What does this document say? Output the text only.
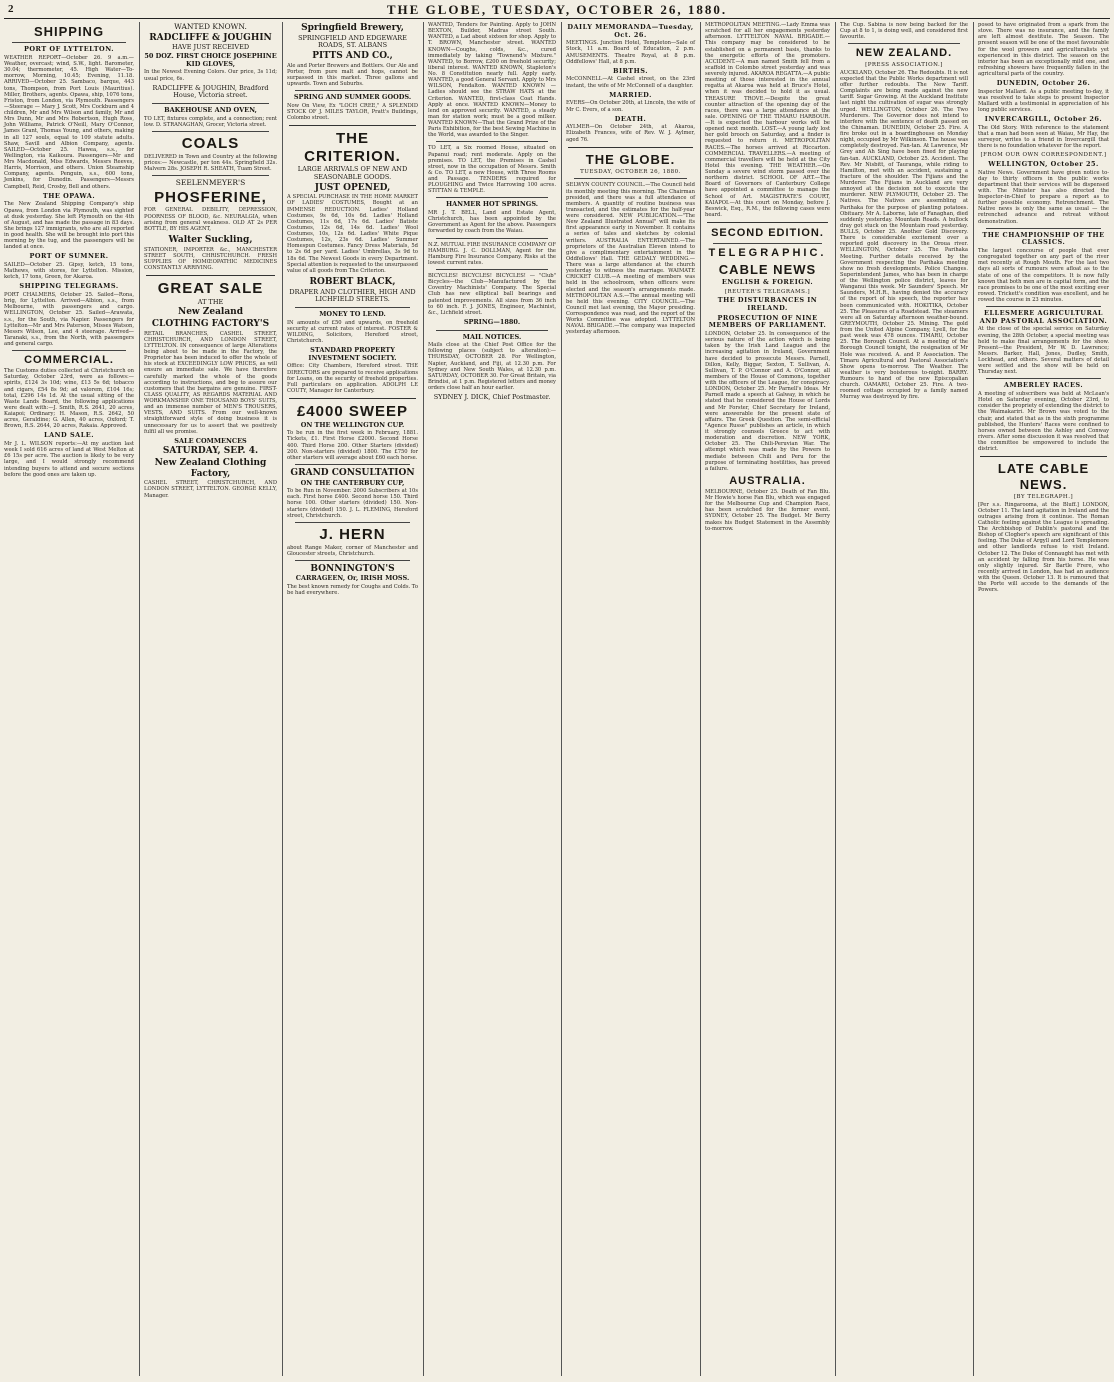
2	THE GLOBE, TUESDAY, OCTOBER 26, 1880.
SHIPPING
PORT OF LYTTELTON.
WEATHER REPORT—October 26. 9 a.m.—Weather, overcast; wind, S.W., light. Barometer, 30.04; thermometer, 45. High Water—To-morrow, Morning, 10.45; Evening, 11.18. ARRIVED—October 25. Sambaco, barque, 443 tons, Thompson, from Port Louis (Mauritius). Miller, Brothers, agents. Opawa, ship, 1076 tons, Friston, from London, via Plymouth. Passengers—Steerage — Mary J. Scott, Mrs Cockburn and 4 children, Mr and Mrs Wilson and family, Mr and Mrs Dunn, Mr and Mrs Robertson, Hugh Ross, John Williams, Patrick O'Neill, Mary O'Connor, James Grant, Thomas Young, and others, making in all 127 souls, equal to 109 statute adults. Shaw, Savill and Albion Company, agents. SAILED—October 25. Hawea, s.s., for Wellington, via Kaikoura. Passengers—Mr and Mrs Macdonald, Miss Edwards, Messrs Reeves, Harris, Morrison, and others. Union Steamship Company, agents. Penguin, s.s., 600 tons, Jenkins, for Dunedin. Passengers—Messrs Campbell, Reid, Crosby, Bell and others.
THE OPAWA.
The New Zealand Shipping Company's ship Opawa, from London via Plymouth, was sighted at dusk yesterday. She left Plymouth on the 4th of August, and has made the passage in 83 days. She brings 127 immigrants, who are all reported in good health. She will be brought into port this morning by the tug, and the passengers will be landed at once.
PORT OF SUMNER.
SAILED—October 25. Gipsy, ketch, 15 tons, Mathews, with stores, for Lyttelton. Mission, ketch, 17 tons, Green, for Akaroa.
SHIPPING TELEGRAMS.
PORT CHALMERS, October 25. Sailed—Rona, brig, for Lyttelton. Arrived—Albion, s.s., from Melbourne, with passengers and cargo. WELLINGTON, October 25. Sailed—Arawata, s.s., for the South, via Napier. Passengers for Lyttelton—Mr and Mrs Paterson, Misses Watson, Messrs Wilson, Lee, and 4 steerage. Arrived—Taranaki, s.s., from the North, with passengers and general cargo.
COMMERCIAL.
The Customs duties collected at Christchurch on Saturday, October 23rd, were as follows:— spirits, £124 3s 10d; wine, £13 5s 6d; tobacco and cigars, £54 8s 9d; ad valorem, £104 16s; total, £296 14s 1d. At the usual sitting of the Waste Lands Board, the following applications were dealt with:—J. Smith, R.S. 2641, 20 acres, Kaiapoi; Ordinary; H. Mason, R.S. 2642, 50 acres, Geraldine; G. Allen, 40 acres, Oxford; T. Brown, R.S. 2644, 20 acres, Rakaia. Approved.
LAND SALE.
Mr J. L. WILSON reports:—At my auction last week I sold 616 acres of land at West Melton at £6 15s per acre. The auction is likely to be very large, and I would strongly recommend intending buyers to attend and secure sections before the good ones are taken up.
WANTED KNOWN.
RADCLIFFE & JOUGHIN
HAVE JUST RECEIVED
50 DOZ. FIRST CHOICE JOSEPHINE KID GLOVES,
In the Newest Evening Colors. Our price, 3s 11d; usual price, 6s.
RADCLIFFE & JOUGHIN, Bradford House, Victoria street.
BAKEHOUSE AND OVEN,
TO LET, fixtures complete, and a connection; rent low. D. STRANAGHAN, Grocer, Victoria street.
COALS
DELIVERED in Town and Country at the following prices:— Newcastle, per ton 44s. Springfield 32s. Malvern 28s. JOSEPH R. SHEATH, Tuam Street.
SEELENMEYER'S
PHOSFERINE,
FOR GENERAL DEBILITY, DEPRESSION, POORNESS OF BLOOD, &c. NEURALGIA, when arising from general weakness. OLD AT 2s PER BOTTLE, BY HIS AGENT,
Walter Suckling,
STATIONER, IMPORTER &c., MANCHESTER STREET SOUTH, CHRISTCHURCH. FRESH SUPPLIES OF HOMŒOPATHIC MEDICINES CONSTANTLY ARRIVING.
GREAT SALE
AT THE
New Zealand
CLOTHING FACTORY'S
RETAIL BRANCHES, CASHEL STREET, CHRISTCHURCH, AND LONDON STREET, LYTTELTON. IN consequence of large Alterations being about to be made in the Factory, the Proprietor has been induced to offer the whole of his stock at EXCEEDINGLY LOW PRICES, as will ensure an immediate sale. We have therefore carefully marked the whole of the goods according to instructions, and beg to assure our customers that the bargains are genuine. FIRST-CLASS QUALITY, AS REGARDS MATERIAL AND WORKMANSHIP. ONE THOUSAND BOYS' SUITS, and an immense number of MEN'S TROUSERS, VESTS, AND SUITS. From our well-known straightforward style of doing business it is unnecessary for us to assert that we positively fulfil all we promise.
SALE COMMENCES
SATURDAY, SEP. 4.
New Zealand Clothing Factory,
CASHEL STREET, CHRISTCHURCH, AND LONDON STREET, LYTTELTON. GEORGE KELLY, Manager.
Springfield Brewery,
SPRINGFIELD AND EDGEWARE ROADS, ST. ALBANS
PITTS AND CO.,
Ale and Porter Brewers and Bottlers. Our Ale and Porter, from pure malt and hops, cannot be surpassed in this market. Three gallons and upwards. Town and Suburbs.
SPRING AND SUMMER GOODS.
Now On View, Ex "LOCH CREE," A SPLENDID STOCK OF J. MILES TAYLOR, Pratt's Buildings, Colombo street.
THE CRITERION.
LARGE ARRIVALS OF NEW AND SEASONABLE GOODS.
JUST OPENED,
A SPECIAL PURCHASE IN THE HOME MARKET OF LADIES' COSTUMES, Bought at an IMMENSE REDUCTION. Ladies' Holland Costumes, 9s 6d, 10s 6d. Ladies' Holland Costumes, 11s 6d, 17s 6d. Ladies' Batiste Costumes, 12s 6d, 14s 6d. Ladies' Wool Costumes, 10s, 12s 6d. Ladies' White Pique Costumes, 12s, 23s 6d. Ladies' Summer Homespun Costumes. Fancy Dress Materials, 5d to 2s 6d per yard. Ladies' Umbrellas, 3s 9d to 18s 6d. The Newest Goods in every Department. Special attention is requested to the unsurpassed value of all goods from The Criterion.
ROBERT BLACK,
DRAPER AND CLOTHIER, HIGH AND LICHFIELD STREETS.
MONEY TO LEND.
IN amounts of £50 and upwards, on freehold security at current rates of interest. FOSTER & WILDING, Solicitors, Hereford street, Christchurch.
STANDARD PROPERTY INVESTMENT SOCIETY.
Office: City Chambers, Hereford street. THE DIRECTORS are prepared to receive applications for Loans, on the security of freehold properties. Full particulars on application. ADOLPH LE COUTY, Manager for Canterbury.
£4000 SWEEP
ON THE WELLINGTON CUP.
To be run in the first week in February, 1881. Tickets, £1. First Horse £2000. Second Horse 400. Third Horse 200. Other Starters (divided) 200. Non-starters (divided) 1800. The £750 for other starters will average about £60 each horse.
GRAND CONSULTATION
ON THE CANTERBURY CUP,
To be Run in November. 2000 Subscribers at 10s each. First horse £400. Second horse 150. Third horse 100. Other starters (divided) 150. Non-starters (divided) 150. J. L. FLEMING, Hereford street, Christchurch.
J. HERN
about Range Maker, corner of Manchester and Gloucester streets, Christchurch.
BONNINGTON'S
CARRAGEEN, Or, IRISH MOSS.
The best known remedy for Coughs and Colds. To be had everywhere.
WANTED, Tenders for Painting. Apply to JOHN BEXTON, Builder, Madras street South. WANTED, a Lad about sixteen for shop. Apply to T. BROWN, Manchester street. WANTED KNOWN—Coughs, colds, &c., cured immediately by taking "Townend's Mixture." WANTED, to Borrow, £200 on freehold security; liberal interest. WANTED KNOWN, Stapleton's No. 8 Constitution nearly full. Apply early. WANTED, a good General Servant. Apply to Mrs WILSON, Fendalton. WANTED KNOWN — Ladies should see the STRAW HATS at the Criterion. WANTED, first-class Coat Hands. Apply at once. WANTED KNOWN—Money to lend on approved security. WANTED, a steady man for station work; must be a good milker. WANTED KNOWN—That the Grand Prize of the Paris Exhibition, for the best Sewing Machine in the World, was awarded to the Singer.
TO LET, a Six roomed House, situated on Papanui road; rent moderate. Apply on the premises. TO LET, the Premises in Cashel street, now in the occupation of Messrs. Smith & Co. TO LET, a new House, with Three Rooms and Passage. TENDERS required for PLOUGHING and Twice Harrowing 100 acres. STITTAN & TEMPLE.
HANMER HOT SPRINGS.
MR J. T. BELL, Land and Estate Agent, Christchurch, has been appointed by the Government as Agent for the above. Passengers forwarded by coach from the Waiau.
N.Z. MUTUAL FIRE INSURANCE COMPANY OF HAMBURG. J. C. DOLLMAN, Agent for the Hamburg Fire Insurance Company. Risks at the lowest current rates.
BICYCLES! BICYCLES! BICYCLES! — "Club" Bicycles—the Club—Manufactured by the Coventry Machinists' Company. The Special Club has new elliptical ball bearings and patented improvements. All sizes from 36 inch to 60 inch. F. J. JONES, Engineer, Machinist, &c., Lichfield street.
SPRING—1880.
MAIL NOTICES.
Mails close at the Chief Post Office for the following places (subject to alteration):— THURSDAY, OCTOBER 28. For Wellington, Napier, Auckland, and Fiji, at 12.30 p.m. For Sydney and New South Wales, at 12.30 p.m. SATURDAY, OCTOBER 30. For Great Britain, via Brindisi, at 1 p.m. Registered letters and money orders close half an hour earlier.
SYDNEY J. DICK, Chief Postmaster.
DAILY MEMORANDA—Tuesday, Oct. 26.
MEETINGS. Junction Hotel, Templeton—Sale of Stock, 11 a.m. Board of Education, 2 p.m. AMUSEMENTS. Theatre Royal, at 8 p.m. Oddfellows' Hall, at 8 p.m.
BIRTHS.
McCONNELL—At Cashel street, on the 23rd instant, the wife of Mr McConnell of a daughter.
MARRIED.
EVERS—On October 20th, at Lincoln, the wife of Mr C. Evers, of a son.
DEATH.
AYLMER—On October 24th, at Akaroa, Elizabeth Frances, wife of Rev. W. J. Aylmer, aged 76.
THE GLOBE.
TUESDAY, OCTOBER 26, 1880.
SELWYN COUNTY COUNCIL.—The Council held its monthly meeting this morning. The Chairman presided, and there was a full attendance of members. A quantity of routine business was transacted, and the estimates for the half-year were considered. NEW PUBLICATION.—"The New Zealand Illustrated Annual" will make its first appearance early in November. It contains a series of tales and sketches by colonial writers. AUSTRALIA ENTERTAINED.—The proprietors of the Australian Eleven intend to give a complimentary entertainment in the Oddfellows' Hall. THE GEDALY WEDDING.—There was a large attendance at the church yesterday to witness the marriage. WAIMATE CRICKET CLUB.—A meeting of members was held in the schoolroom, when officers were elected and the season's arrangements made. METROPOLITAN A.S.—The annual meeting will be held this evening. CITY COUNCIL.—The Council met last evening, the Mayor presiding. Correspondence was read, and the report of the Works Committee was adopted. LYTTELTON NAVAL BRIGADE.—The company was inspected yesterday afternoon.
METROPOLITAN MEETING.—Lady Emma was scratched for all her engagements yesterday afternoon. LYTTELTON NAVAL BRIGADE.—This company may be considered to be established on a permanent basis, thanks to the energetic efforts of the promoters. ACCIDENT.—A man named Smith fell from a scaffold in Colombo street yesterday and was severely injured. AKAROA REGATTA.—A public meeting of those interested in the annual regatta at Akaroa was held at Bruce's Hotel, when it was decided to hold it as usual. TREASURE TROVE.—Despite the great counter attraction of the opening day of the races, there was a large attendance at the sale. OPENING OF THE TIMARU HARBOUR.—It is expected the harbour works will be opened next month. LOST.—A young lady lost her gold brooch on Saturday, and a finder is requested to return it. METROPOLITAN RACES.—The horses arrived at Riccarton. COMMERCIAL TRAVELLERS.—A meeting of commercial travellers will be held at the City Hotel this evening. THE WEATHER.—On Sunday a severe wind storm passed over the northern district. SCHOOL OF ART.—The Board of Governors of Canterbury College have appointed a committee to manage the School of Art. MAGISTRATE'S COURT, KAIAPOI.—At this court on Monday, before J. Beswick, Esq., R.M., the following cases were heard.
SECOND EDITION.
TELEGRAPHIC.
CABLE NEWS
ENGLISH & FOREIGN.
[REUTER'S TELEGRAMS.]
THE DISTURBANCES IN IRELAND.
PROSECUTION OF NINE MEMBERS OF PARLIAMENT.
LONDON, October 25. In consequence of the serious nature of the action which is being taken by the Irish Land League and the increasing agitation in Ireland, Government have decided to prosecute Messrs. Parnell, Dillon, Kelly, Biggar, Sexton, T. Sullivan, A. Sullivan, T. P. O'Connor and A. O'Connor, all members of the House of Commons, together with the officers of the League, for conspiracy. LONDON, October 25. Mr Parnell's Ideas. Mr Parnell made a speech at Galway, in which he stated that he considered the House of Lords and Mr Forster, Chief Secretary for Ireland, were answerable for the present state of affairs. The Greek Question. The semi-official "Agence Russe" publishes an article, in which it strongly counsels Greece to act with moderation and discretion. NEW YORK, October 25. The Chili-Peruvian War. The attempt which was made by the Powers to mediate between Chili and Peru for the purpose of terminating hostilities, has proved a failure.
AUSTRALIA.
MELBOURNE, October 25. Death of Fan Blu. Mr Howie's horse Fan Blu, which was engaged for the Melbourne Cup and Champion Race, has been scratched for the former event. SYDNEY, October 25. The Budget. Mr Berry makes his Budget Statement in the Assembly to-morrow.
The Cup. Sabina is now being backed for the Cup at 8 to 1, is doing well, and considered first favourite.
NEW ZEALAND.
[PRESS ASSOCIATION.]
AUCKLAND, October 26. The Redoubts. It is not expected that the Public Works department will offer further redoubts. The New Tariff. Complaints are being made against the new tariff. Sugar Growing. At the Auckland Institute last night the cultivation of sugar was strongly urged. WELLINGTON, October 26. The Two Murderers. The Governor does not intend to interfere with the sentence of death passed on the Chinaman. DUNEDIN, October 25. Fire. A fire broke out in a boardinghouse on Monday night, occupied by Mr Wilkinson. The house was completely destroyed. Fan-tan. At Lawrence, Mr Grey and Ah Sing have been fined for playing fan-tan. AUCKLAND, October 25. Accident. The Rev. Mr Nisbitt, of Tauranga, while riding to Hamilton, met with an accident, sustaining a fracture of the shoulder. The Fijians and the Murderer. The Fijians in Auckland are very annoyed at the decision not to execute the murderer. NEW PLYMOUTH, October 25. The Natives. The Natives are assembling at Parihaka for the purpose of planting potatoes. Obituary. Mr A. Laborne, late of Fanaghan, died suddenly yesterday. Mountain Roads. A bullock dray got stuck on the Mountain road yesterday. BULLS, October 25. Another Gold Discovery. There is considerable excitement over a reported gold discovery in the Oroua river. WELLINGTON, October 25. The Parihaka Meeting. Further details received by the Government respecting the Parihaka meeting show no fresh developments. Police Changes. Superintendent James, who has been in charge of the Wellington police district, leaves for Wanganui this week. Mr Saunders' Speech. Mr Saunders, M.H.R., having denied the accuracy of the report of his speech, the reporter has been communicated with. HOKITIKA, October 25. The Pleasures of a Roadstead. The steamers were all on Saturday afternoon weather-bound. GREYMOUTH, October 25. Mining. The gold from the United Alpine Company, Lyell, for the past week was 478 ounces. TIMARU, October 25. The Borough Council. At a meeting of the Borough Council tonight, the resignation of Mr Hole was received. A. and P. Association. The Timaru Agricultural and Pastoral Association's Show opens to-morrow. The Weather. The weather is very boisterous to-night. BARRY. Rumours to hand of the new Episcopalian church. OAMARU, October 25. Fire. A two-roomed cottage occupied by a family named Murray was destroyed by fire.
posed to have originated from a spark from the stove. There was no insurance, and the family are left almost destitute. The Season. The present season will be one of the most favourable for the wool growers and agriculturalists yet experienced in this district. The season on the interior has been an exceptionally mild one, and refreshing showers have frequently fallen in the agricultural parts of the country.
DUNEDIN, October 26.
Inspector Mallard. As a public meeting to-day, it was resolved to take steps to present Inspector Mallard with a testimonial in appreciation of his long public services.
INVERCARGILL, October 26.
The Old Story. With reference to the statement that a man had been seen at Waiau, Mr Hay, the surveyor, writes to a friend in Invercargill that there is no foundation whatever for the report.
[FROM OUR OWN CORRESPONDENT.]
WELLINGTON, October 25.
Native News. Government have given notice to-day to thirty officers in the public works department that their services will be dispensed with. The Minister has also directed the Inspector-in-Chief to prepare a report as to further possible economy. Retrenchment. The Native news is only the same as usual — the retrenched advance and retreat without demonstration.
THE CHAMPIONSHIP OF THE CLASSICS.
The largest concourse of people that ever congregated together on any part of the river met recently at Rough Mouth. For the last two days all sorts of rumours were afloat as to the state of one of the competitors. It is now fully known that both men are in capital form, and the race promises to be one of the most exciting ever rowed. Trickett's condition was excellent, and he rowed the course in 23 minutes.
ELLESMERE AGRICULTURAL AND PASTORAL ASSOCIATION.
At the close of the special service on Saturday evening, the 28th October, a special meeting was held to make final arrangements for the show. Present—the President, Mr W. D. Lawrence; Messrs. Barker, Hall, Jones, Dudley, Smith, Lockhead, and others. Several matters of detail were settled and the show will be held on Thursday next.
AMBERLEY RACES.
A meeting of subscribers was held at McLean's Hotel on Saturday evening, October 23rd, to consider the propriety of extending the district to the Waimakariri. Mr Brown was voted to the chair, and stated that as in the sixth programme published, the Hunters' Races were confined to horses owned between the Ashley and Conway rivers. After some discussion it was resolved that the committee be empowered to include the district.
LATE CABLE NEWS.
[BY TELEGRAPH.]
[Per s.s. Ringarooma, at the Bluff.] LONDON, October 11. The land agitation in Ireland and the outrages arising from it continue. The Roman Catholic feeling against the League is spreading. The Archbishop of Dublin's pastoral and the Bishop of Clogher's speech are significant of this feeling. The Duke of Argyll and Lord Templemore and other landlords refuse to visit Ireland. October 12. The Duke of Connaught has met with an accident by falling from his horse. He was only slightly injured. Sir Bartle Frere, who recently arrived in London, has had an audience with the Queen. October 13. It is rumoured that the Porte will accede to the demands of the Powers.
